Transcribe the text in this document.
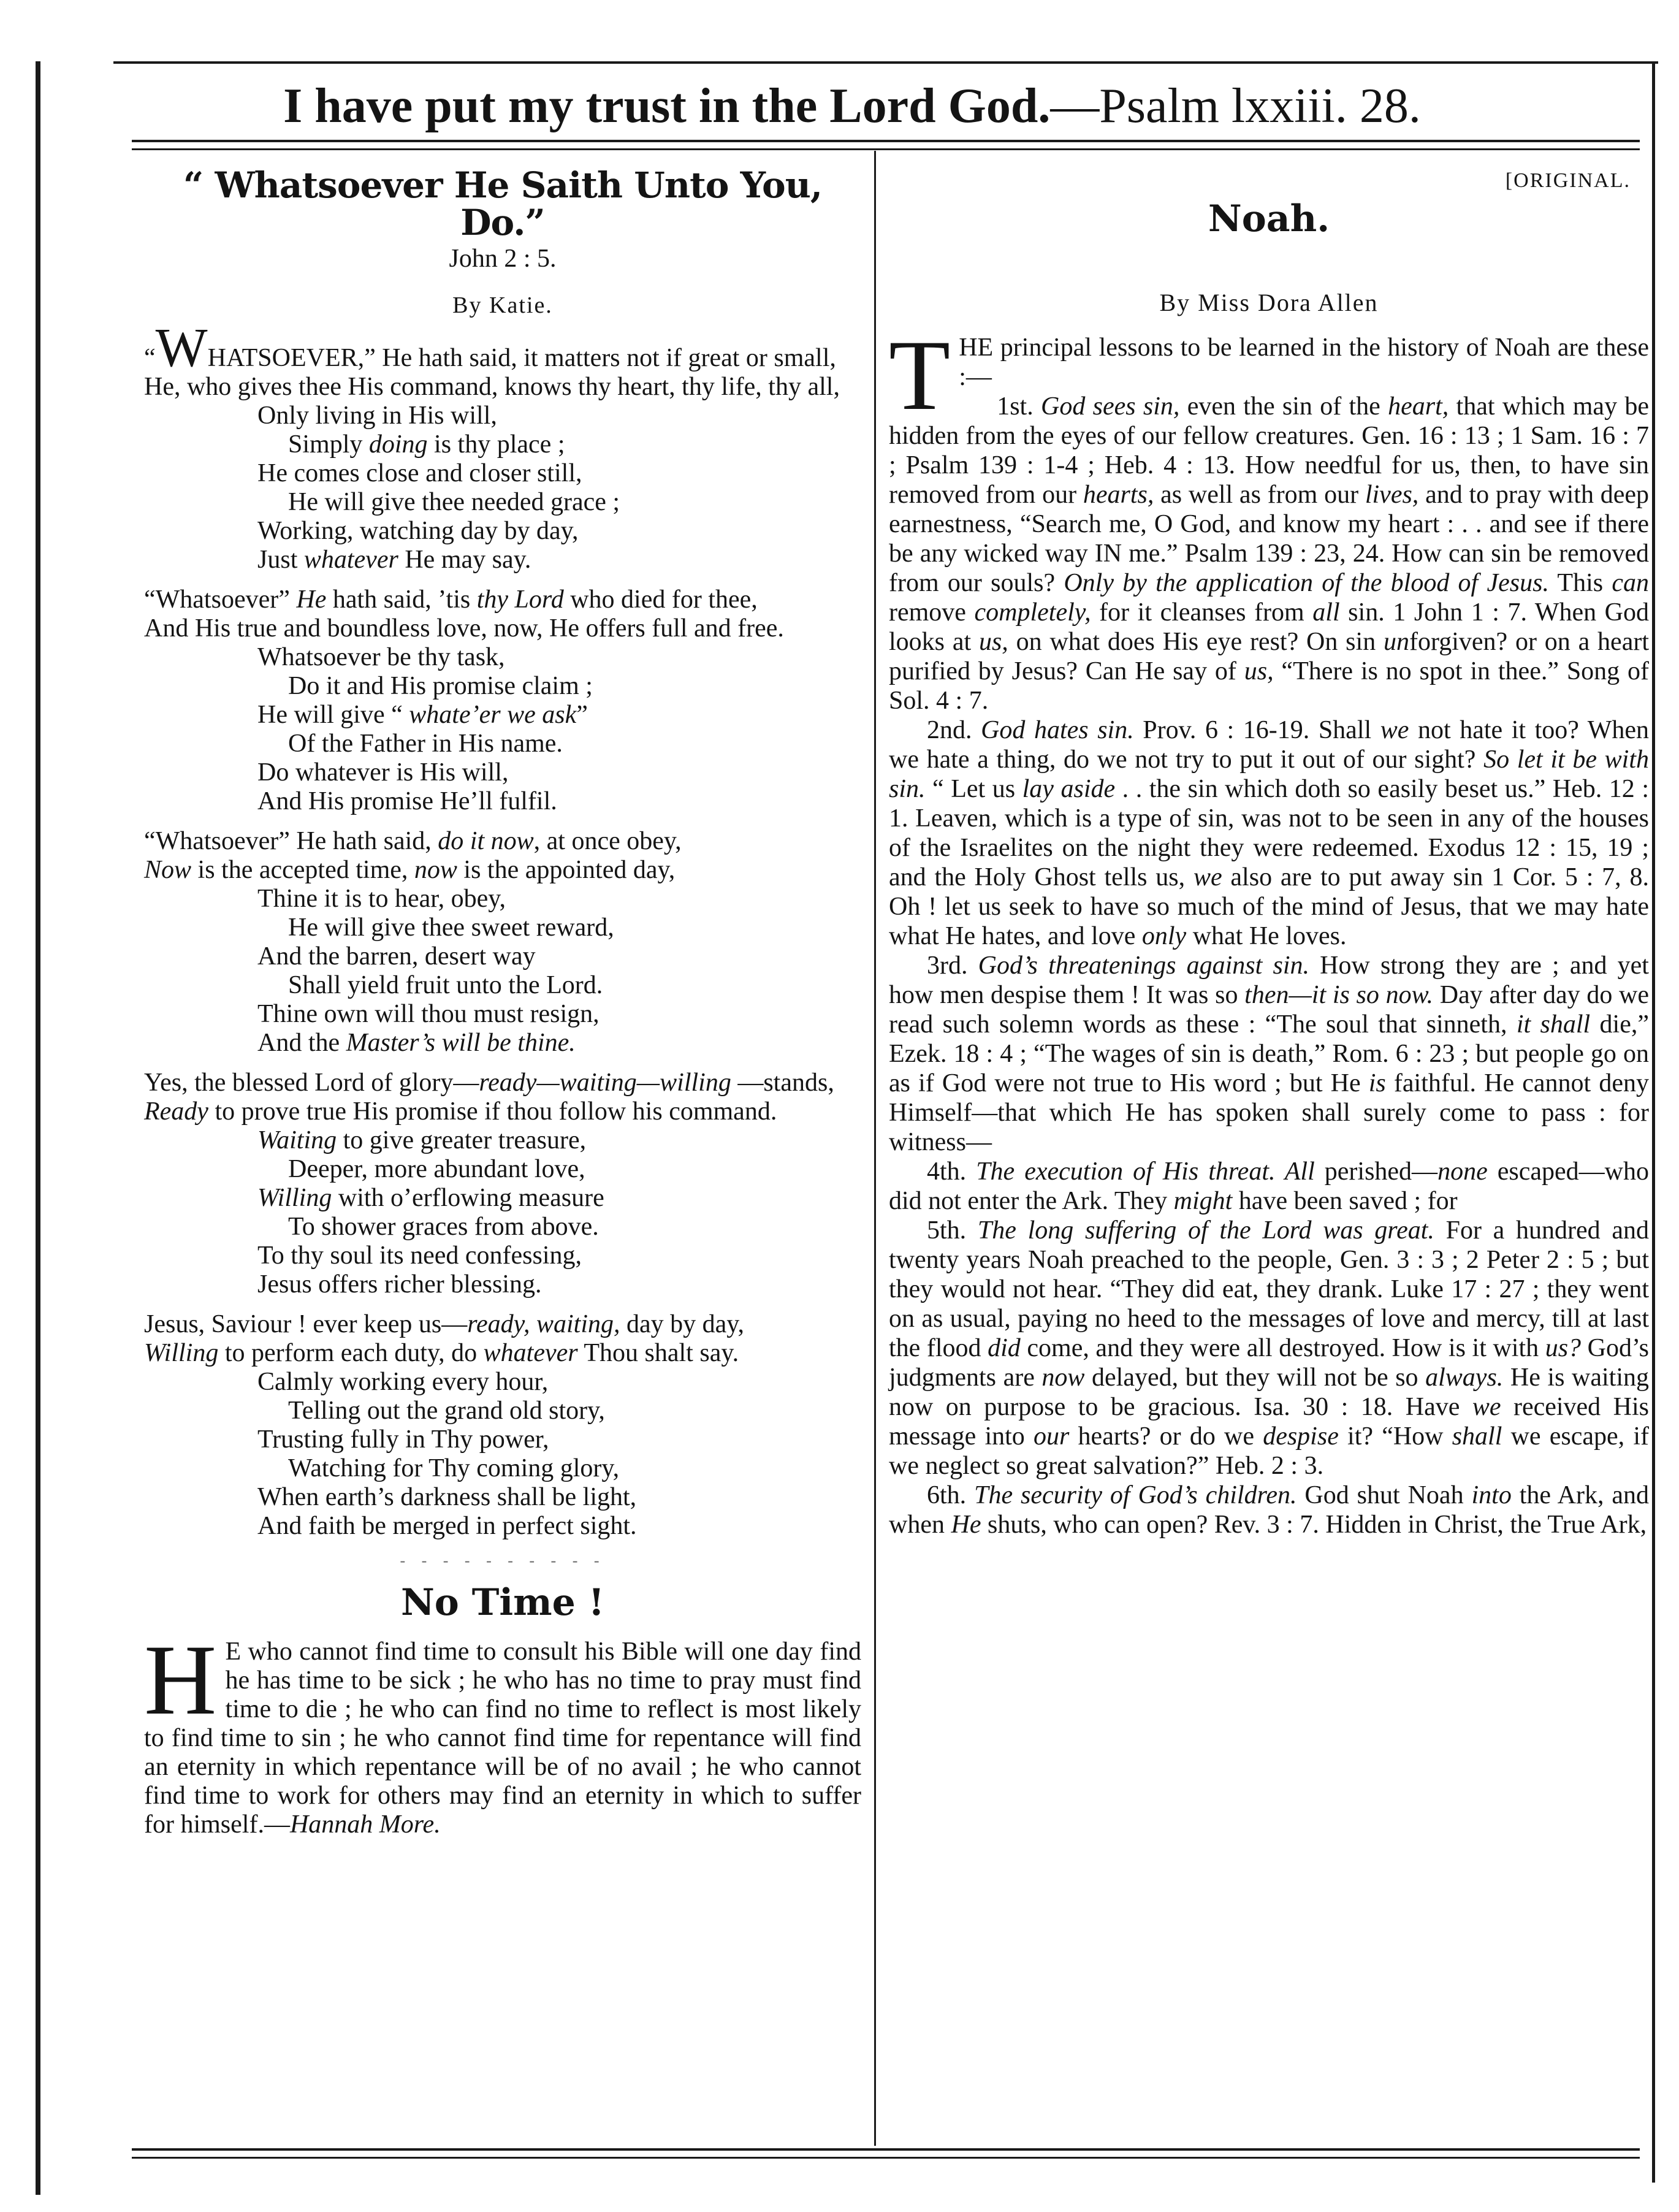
I have put my trust in the Lord God.—Psalm lxxiii. 28.
“ Whatsoever He Saith Unto You, Do.”
John 2 : 5.
By Katie.
“WHATSOEVER,” He hath said, it matters not if great or small,
He, who gives thee His command, knows thy heart, thy life, thy all,
Only living in His will,
Simply doing is thy place ;
He comes close and closer still,
He will give thee needed grace ;
Working, watching day by day,
Just whatever He may say.
“Whatsoever” He hath said, ’tis thy Lord who died for thee,
And His true and boundless love, now, He offers full and free.
Whatsoever be thy task,
Do it and His promise claim ;
He will give “ whate’er we ask”
Of the Father in His name.
Do whatever is His will,
And His promise He’ll fulfil.
“Whatsoever” He hath said, do it now, at once obey,
Now is the accepted time, now is the appointed day,
Thine it is to hear, obey,
He will give thee sweet reward,
And the barren, desert way
Shall yield fruit unto the Lord.
Thine own will thou must resign,
And the Master’s will be thine.
Yes, the blessed Lord of glory—ready—waiting—willing —stands,
Ready to prove true His promise if thou follow his command.
Waiting to give greater treasure,
Deeper, more abundant love,
Willing with o’erflowing measure
To shower graces from above.
To thy soul its need confessing,
Jesus offers richer blessing.
Jesus, Saviour ! ever keep us—ready, waiting, day by day,
Willing to perform each duty, do whatever Thou shalt say.
Calmly working every hour,
Telling out the grand old story,
Trusting fully in Thy power,
Watching for Thy coming glory,
When earth’s darkness shall be light,
And faith be merged in perfect sight.
- - - - - - - - - -
No Time !

H E who cannot find time to consult his Bible will one day find he has time to be sick ; he who has no time to pray must find time to die ; he who can find no time to reflect is most likely to find time to sin ; he who cannot find time for repentance will find an eternity in which repentance will be of no avail ; he who cannot find time to work for others may find an eternity in which to suffer for himself.—Hannah More.

[ORIGINAL.
Noah.
By Miss Dora Allen

THE principal lessons to be learned in the history of Noah are these :—

1st. God sees sin, even the sin of the heart, that which may be hidden from the eyes of our fellow creatures. Gen. 16 : 13 ; 1 Sam. 16 : 7 ; Psalm 139 : 1-4 ; Heb. 4 : 13. How needful for us, then, to have sin removed from our hearts, as well as from our lives, and to pray with deep earnestness, “Search me, O God, and know my heart : . . and see if there be any wicked way IN me.” Psalm 139 : 23, 24. How can sin be removed from our souls? Only by the application of the blood of Jesus. This can remove completely, for it cleanses from all sin. 1 John 1 : 7. When God looks at us, on what does His eye rest? On sin unforgiven? or on a heart purified by Jesus? Can He say of us, “There is no spot in thee.” Song of Sol. 4 : 7.

2nd. God hates sin. Prov. 6 : 16-19. Shall we not hate it too? When we hate a thing, do we not try to put it out of our sight? So let it be with sin. “ Let us lay aside . . the sin which doth so easily beset us.” Heb. 12 : 1. Leaven, which is a type of sin, was not to be seen in any of the houses of the Israelites on the night they were redeemed. Exodus 12 : 15, 19 ; and the Holy Ghost tells us, we also are to put away sin 1 Cor. 5 : 7, 8. Oh ! let us seek to have so much of the mind of Jesus, that we may hate what He hates, and love only what He loves.

3rd. God’s threatenings against sin. How strong they are ; and yet how men despise them ! It was so then—it is so now. Day after day do we read such solemn words as these : “The soul that sinneth, it shall die,” Ezek. 18 : 4 ; “The wages of sin is death,” Rom. 6 : 23 ; but people go on as if God were not true to His word ; but He is faithful. He cannot deny Himself—that which He has spoken shall surely come to pass : for witness—

4th. The execution of His threat. All perished—none escaped—who did not enter the Ark. They might have been saved ; for

5th. The long suffering of the Lord was great. For a hundred and twenty years Noah preached to the people, Gen. 3 : 3 ; 2 Peter 2 : 5 ; but they would not hear. “They did eat, they drank. Luke 17 : 27 ; they went on as usual, paying no heed to the messages of love and mercy, till at last the flood did come, and they were all destroyed. How is it with us? God’s judgments are now delayed, but they will not be so always. He is waiting now on purpose to be gracious. Isa. 30 : 18. Have we received His message into our hearts? or do we despise it? “How shall we escape, if we neglect so great salvation?” Heb. 2 : 3.

6th. The security of God’s children. God shut Noah into the Ark, and when He shuts, who can open? Rev. 3 : 7. Hidden in Christ, the True Ark,
